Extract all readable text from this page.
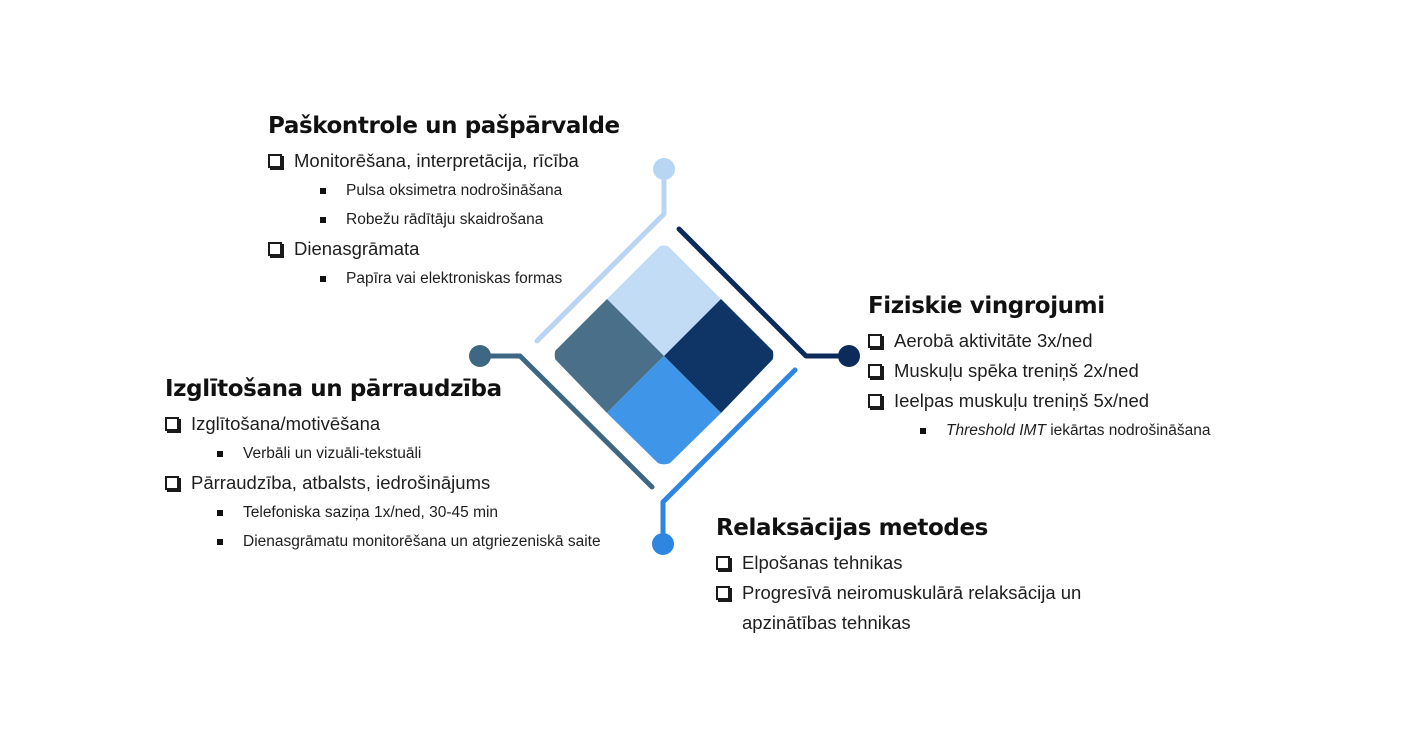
Paškontrole un pašpārvalde
Monitorēšana, interpretācija, rīcība
Pulsa oksimetra nodrošināšana
Robežu rādītāju skaidrošana
Dienasgrāmata
Papīra vai elektroniskas formas
Izglītošana un pārraudzība
Izglītošana/motivēšana
Verbāli un vizuāli-tekstuāli
Pārraudzība, atbalsts, iedrošinājums
Telefoniska saziņa 1x/ned, 30-45 min
Dienasgrāmatu monitorēšana un atgriezeniskā saite
Fiziskie vingrojumi
Aerobā aktivitāte 3x/ned
Muskuļu spēka treniņš 2x/ned
Ieelpas muskuļu treniņš 5x/ned
Threshold IMT iekārtas nodrošināšana
Relaksācijas metodes
Elpošanas tehnikas
Progresīvā neiromuskulārā relaksācija un apzinātības tehnikas
